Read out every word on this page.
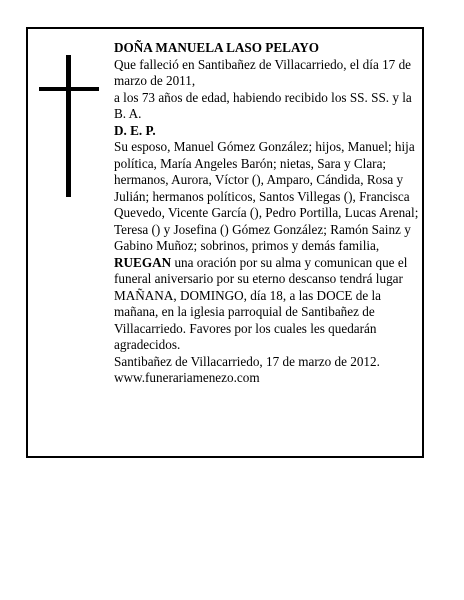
DOÑA MANUELA LASO PELAYO

Que falleció en Santibañez de Villacarriedo, el día 17 de marzo de 2011,

a los 73 años de edad, habiendo recibido los SS. SS. y la B. A.

D. E. P.

Su esposo, Manuel Gómez González; hijos, Manuel; hija política, María Angeles Barón; nietas, Sara y Clara; hermanos, Aurora, Víctor (), Amparo, Cándida, Rosa y Julián; hermanos políticos, Santos Villegas (), Francisca Quevedo, Vicente García (), Pedro Portilla, Lucas Arenal; Teresa () y Josefina () Gómez González; Ramón Sainz y Gabino Muñoz; sobrinos, primos y demás familia,

RUEGAN una oración por su alma y comunican que el funeral aniversario por su eterno descanso tendrá lugar MAÑANA, DOMINGO, día 18, a las DOCE de la mañana, en la iglesia parroquial de Santibañez de Villacarriedo. Favores por los cuales les quedarán agradecidos.

Santibañez de Villacarriedo, 17 de marzo de 2012.

www.funerariamenezo.com
